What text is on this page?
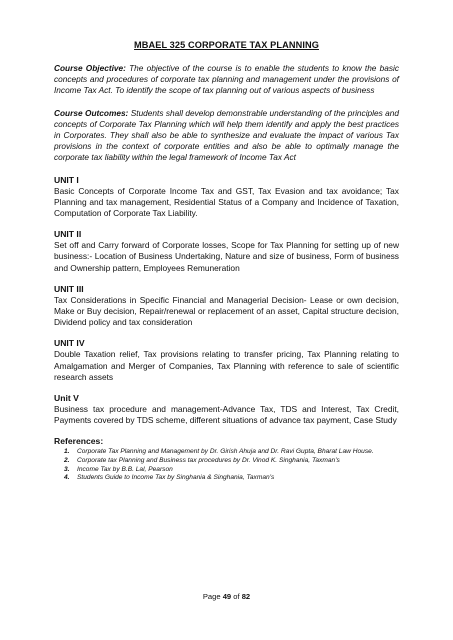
MBAEL 325 CORPORATE TAX PLANNING

Course Objective: The objective of the course is to enable the students to know the basic concepts and procedures of corporate tax planning and management under the provisions of Income Tax Act. To identify the scope of tax planning out of various aspects of business

Course Outcomes: Students shall develop demonstrable understanding of the principles and concepts of Corporate Tax Planning which will help them identify and apply the best practices in Corporates. They shall also be able to synthesize and evaluate the impact of various Tax provisions in the context of corporate entities and also be able to optimally manage the corporate tax liability within the legal framework of Income Tax Act

UNIT I
Basic Concepts of Corporate Income Tax and GST, Tax Evasion and tax avoidance; Tax Planning and tax management, Residential Status of a Company and Incidence of Taxation, Computation of Corporate Tax Liability.
UNIT II
Set off and Carry forward of Corporate losses, Scope for Tax Planning for setting up of new business:- Location of Business Undertaking, Nature and size of business, Form of business and Ownership pattern, Employees Remuneration
UNIT III
Tax Considerations in Specific Financial and Managerial Decision- Lease or own decision, Make or Buy decision, Repair/renewal or replacement of an asset, Capital structure decision, Dividend policy and tax consideration
UNIT IV
Double Taxation relief, Tax provisions relating to transfer pricing, Tax Planning relating to Amalgamation and Merger of Companies, Tax Planning with reference to sale of scientific research assets
Unit V
Business tax procedure and management-Advance Tax, TDS and Interest, Tax Credit, Payments covered by TDS scheme, different situations of advance tax payment, Case Study
References:
1.	Corporate Tax Planning and Management by Dr. Girish Ahuja and Dr. Ravi Gupta, Bharat Law House.
2.	Corporate tax Planning and Business tax procedures by Dr. Vinod K. Singhania, Taxman’s
3.	Income Tax by B.B. Lal, Pearson
4.	Students Guide to Income Tax by Singhania & Singhania, Taxman’s
Page 49 of 82
